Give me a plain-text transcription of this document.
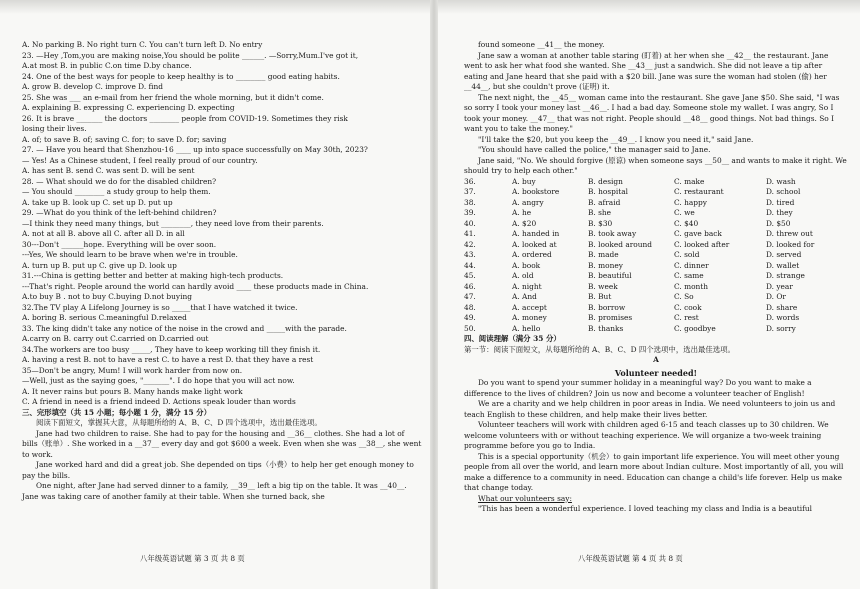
A. No parking B. No right turn C. You can't turn left D. No entry
23. —Hey ,Tom,you are making noise,You should be polite ______. —Sorry,Mum.I've got it,
A.at most B. in public C.on time D.by chance.
24. One of the best ways for people to keep healthy is to ________ good eating habits.
A. grow B. develop C. improve D. find
25. She was ___ an e-mail from her friend the whole morning, but it didn't come.
A. explaining B. expressing C. experiencing D. expecting
26. It is brave _______ the doctors ________ people from COVID-19. Sometimes they risk
losing their lives.
A. of; to save B. of; saving C. for; to save D. for; saving
27. — Have you heard that Shenzhou-16 ____ up into space successfully on May 30th, 2023?
— Yes! As a Chinese student, I feel really proud of our country.
A. has sent B. send C. was sent D. will be sent
28. — What should we do for the disabled children?
— You should ________ a study group to help them.
A. take up B. look up C. set up D. put up
29. —What do you think of the left-behind children?
—I think they need many things, but ________, they need love from their parents.
A. not at all B. above all C. after all D. in all
30---Don't ______hope. Everything will be over soon.
---Yes, We should learn to be brave when we're in trouble.
A. turn up B. put up C. give up D. look up
31.---China is getting better and better at making high-tech products.
---That's right. People around the world can hardly avoid ____ these products made in China.
A.to buy B . not to buy C.buying D.not buying
32.The TV play A Lifelong Journey is so _____that I have watched it twice.
A. boring B. serious C.meaningful D.relaxed
33. The king didn't take any notice of the noise in the crowd and _____with the parade.
A.carry on B. carry out C.carried on D.carried out
34.The workers are too busy _____, They have to keep working till they finish it.
A. having a rest B. not to have a rest C. to have a rest D. that they have a rest
35—Don't be angry, Mum! I will work harder from now on.
—Well, just as the saying goes, "_______". I do hope that you will act now.
A. It never rains but pours B. Many hands make light work
C. A friend in need is a friend indeed D. Actions speak louder than words
三、完形填空（共 15 小题；每小题 1 分，满分 15 分）
阅读下面短文，掌握其大意，从每题所给的 A、B、C、D 四个选项中，选出最佳选项。
Jane had two children to raise. She had to pay for the housing and __36__ clothes. She had a lot of bills（账单）. She worked in a __37__ every day and got $600 a week. Even when she was __38__, she went to work.
Jane worked hard and did a great job. She depended on tips（小费）to help her get enough money to pay the bills.
One night, after Jane had served dinner to a family, __39__ left a big tip on the table. It was __40__. Jane was taking care of another family at their table. When she turned back, she
八年级英语试题 第 3 页 共 8 页
found someone __41__ the money.
Jane saw a woman at another table staring (盯着) at her when she __42__ the restaurant. Jane went to ask her what food she wanted. She __43__ just a sandwich. She did not leave a tip after eating and Jane heard that she paid with a $20 bill. Jane was sure the woman had stolen (偷) her __44__, but she couldn't prove (证明) it.
The next night, the __45__ woman came into the restaurant. She gave Jane $50. She said, "I was so sorry I took your money last __46__. I had a bad day. Someone stole my wallet. I was angry, So I took your money. __47__ that was not right. People should __48__ good things. Not bad things. So I want you to take the money."
"I'll take the $20, but you keep the __49__. I know you need it," said Jane.
"You should have called the police," the manager said to Jane.
Jane said, "No. We should forgive (原谅) when someone says __50__ and wants to make it right. We should try to help each other."
36.	A. buy	B. design	C. make	D. wash
37.	A. bookstore	B. hospital	C. restaurant	D. school
38.	A. angry	B. afraid	C. happy	D. tired
39.	A. he	B. she	C. we	D. they
40.	A. $20	B. $30	C. $40	D. $50
41.	A. handed in	B. took away	C. gave back	D. threw out
42.	A. looked at	B. looked around	C. looked after	D. looked for
43.	A. ordered	B. made	C. sold	D. served
44.	A. book	B. money	C. dinner	D. wallet
45.	A. old	B. beautiful	C. same	D. strange
46.	A. night	B. week	C. month	D. year
47.	A. And	B. But	C. So	D. Or
48.	A. accept	B. borrow	C. cook	D. share
49.	A. money	B. promises	C. rest	D. words
50.	A. hello	B. thanks	C. goodbye	D. sorry
四、阅读理解（满分 35 分）
第一节：阅读下面短文，从每题所给的 A、B、C、D 四个选项中，选出最佳选项。
A
Volunteer needed!
Do you want to spend your summer holiday in a meaningful way? Do you want to make a difference to the lives of children? Join us now and become a volunteer teacher of English!
We are a charity and we help children in poor areas in India. We need volunteers to join us and teach English to these children, and help make their lives better.
Volunteer teachers will work with children aged 6-15 and teach classes up to 30 children. We welcome volunteers with or without teaching experience. We will organize a two-week training programme before you go to India.
This is a special opportunity（机会）to gain important life experience. You will meet other young people from all over the world, and learn more about Indian culture. Most importantly of all, you will make a difference to a community in need. Education can change a child's life forever. Help us make that change today.
What our volunteers say:
"This has been a wonderful experience. I loved teaching my class and India is a beautiful
八年级英语试题 第 4 页 共 8 页
